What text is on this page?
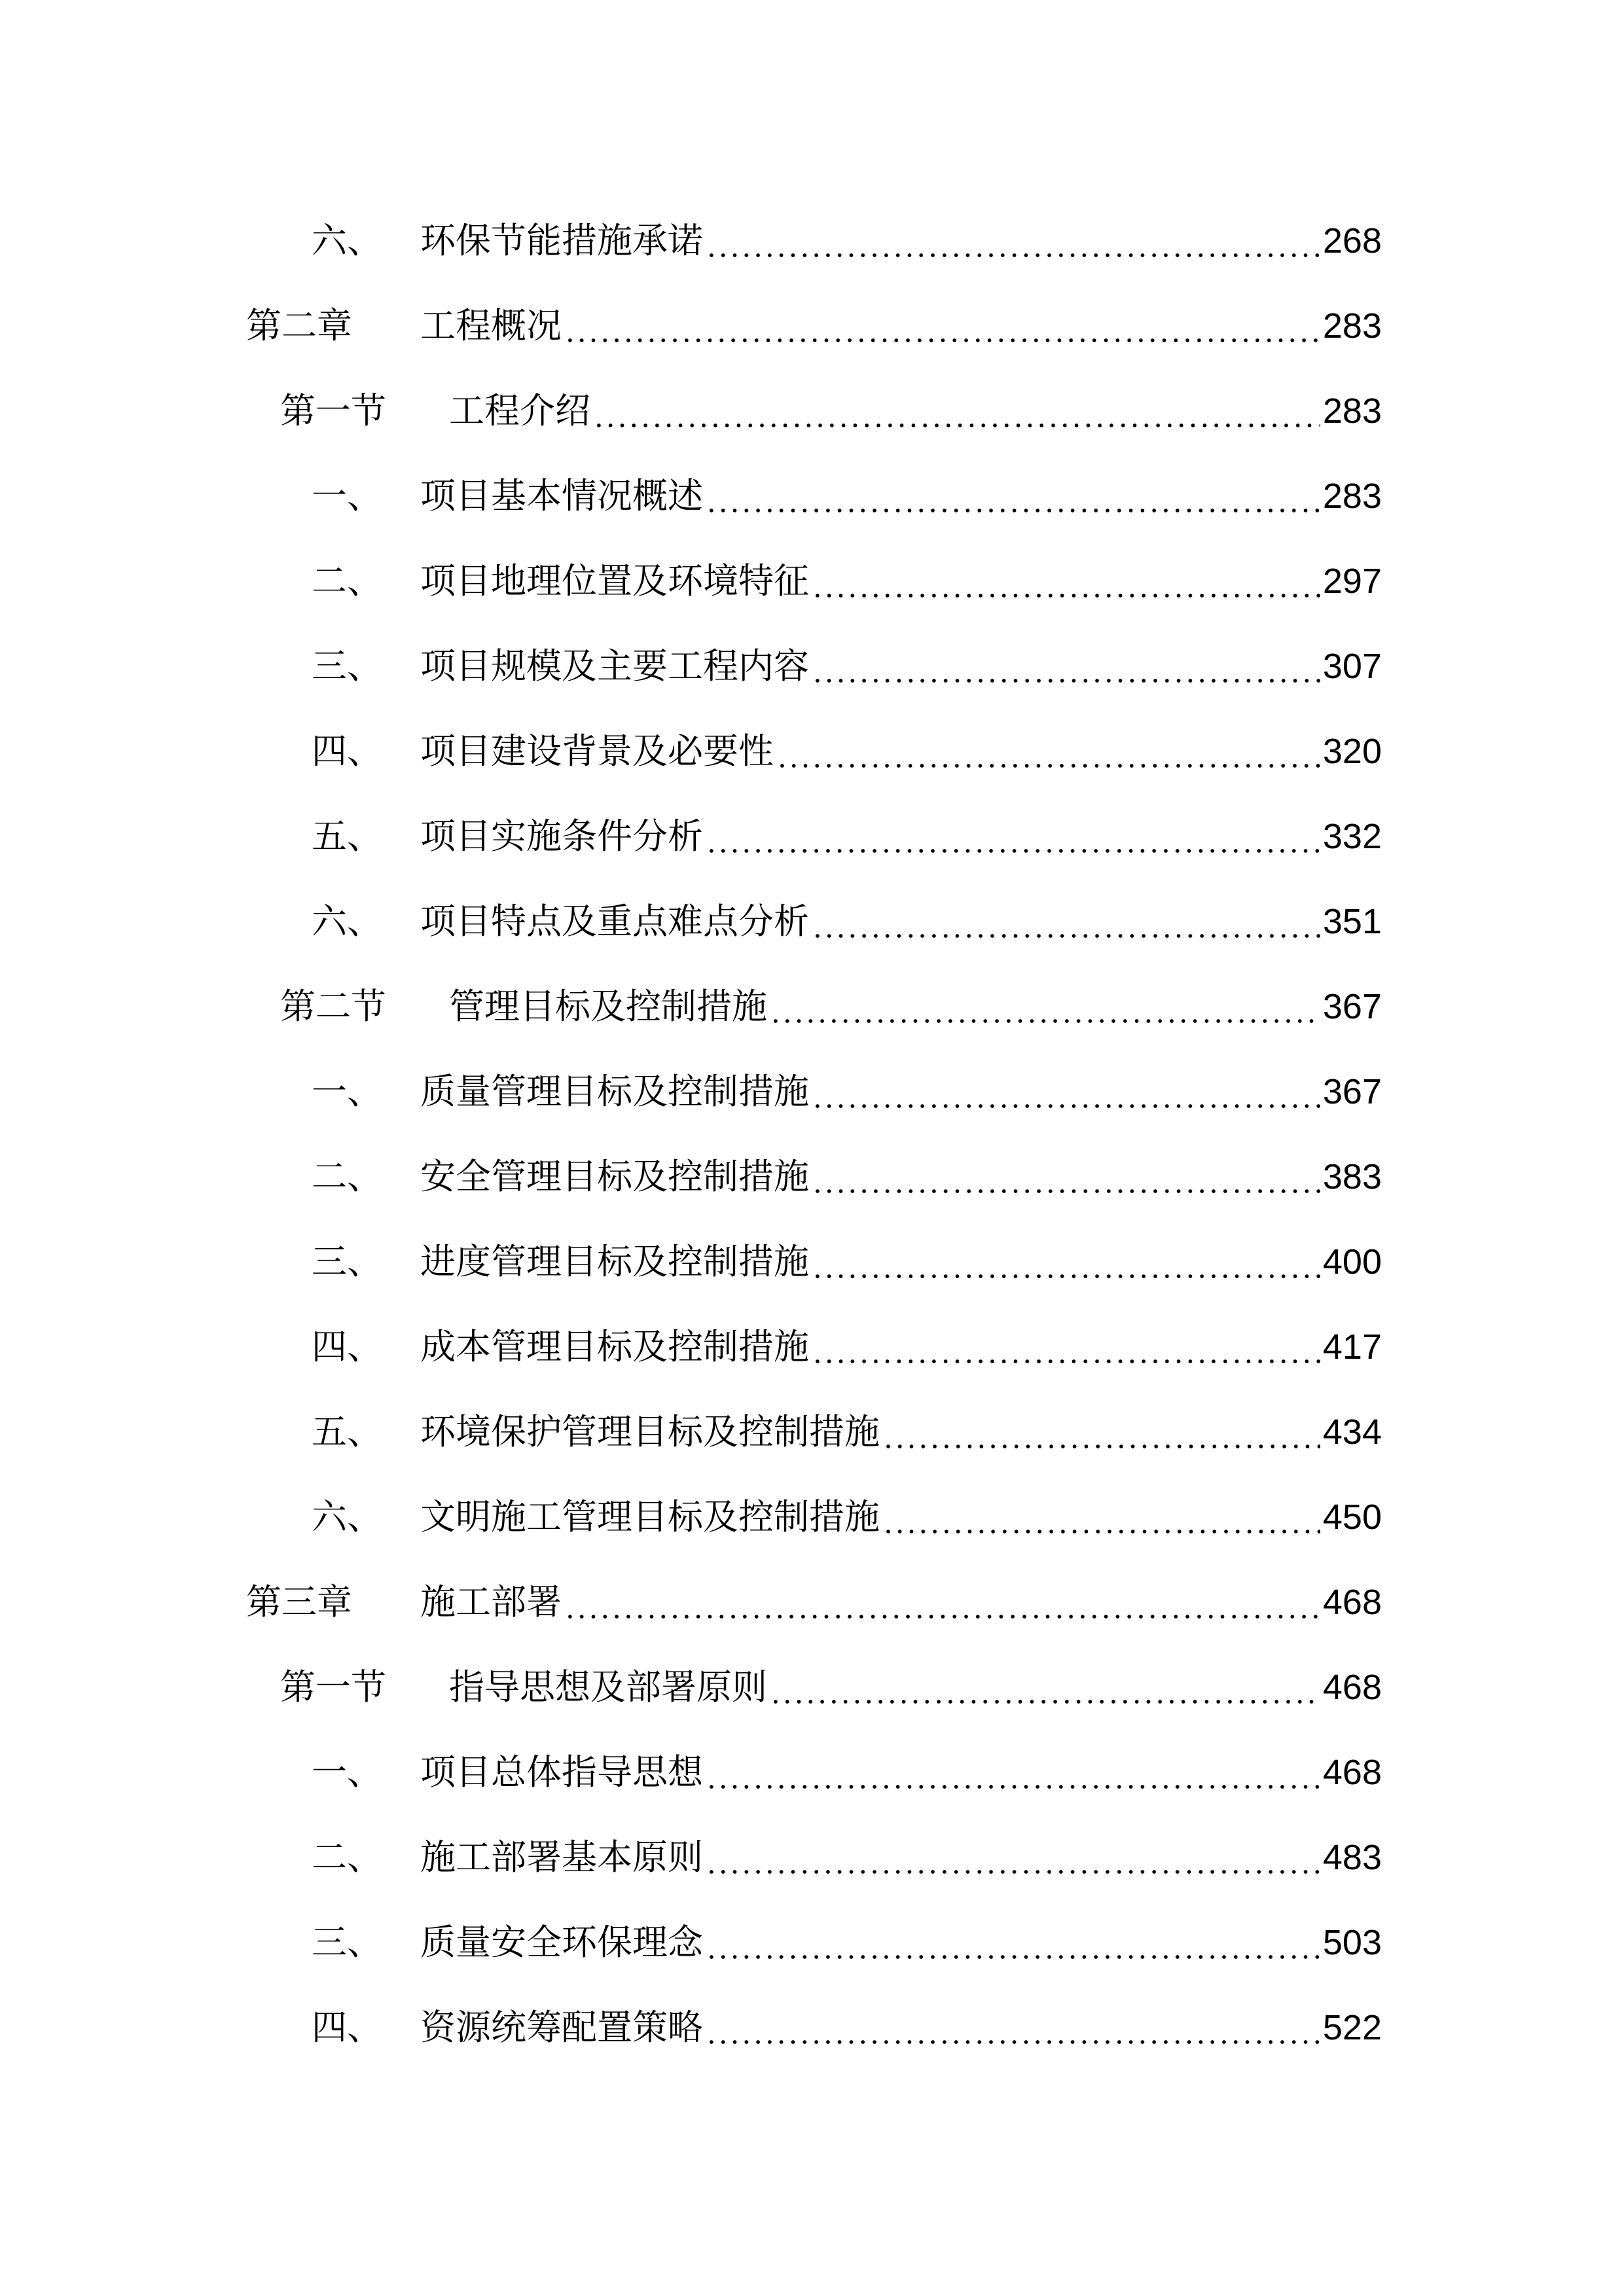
六、	环保节能措施承诺	268
第二章	工程概况	283
第一节	工程介绍	283
一、	项目基本情况概述	283
二、	项目地理位置及环境特征	297
三、	项目规模及主要工程内容	307
四、	项目建设背景及必要性	320
五、	项目实施条件分析	332
六、	项目特点及重点难点分析	351
第二节	管理目标及控制措施	367
一、	质量管理目标及控制措施	367
二、	安全管理目标及控制措施	383
三、	进度管理目标及控制措施	400
四、	成本管理目标及控制措施	417
五、	环境保护管理目标及控制措施	434
六、	文明施工管理目标及控制措施	450
第三章	施工部署	468
第一节	指导思想及部署原则	468
一、	项目总体指导思想	468
二、	施工部署基本原则	483
三、	质量安全环保理念	503
四、	资源统筹配置策略	522
